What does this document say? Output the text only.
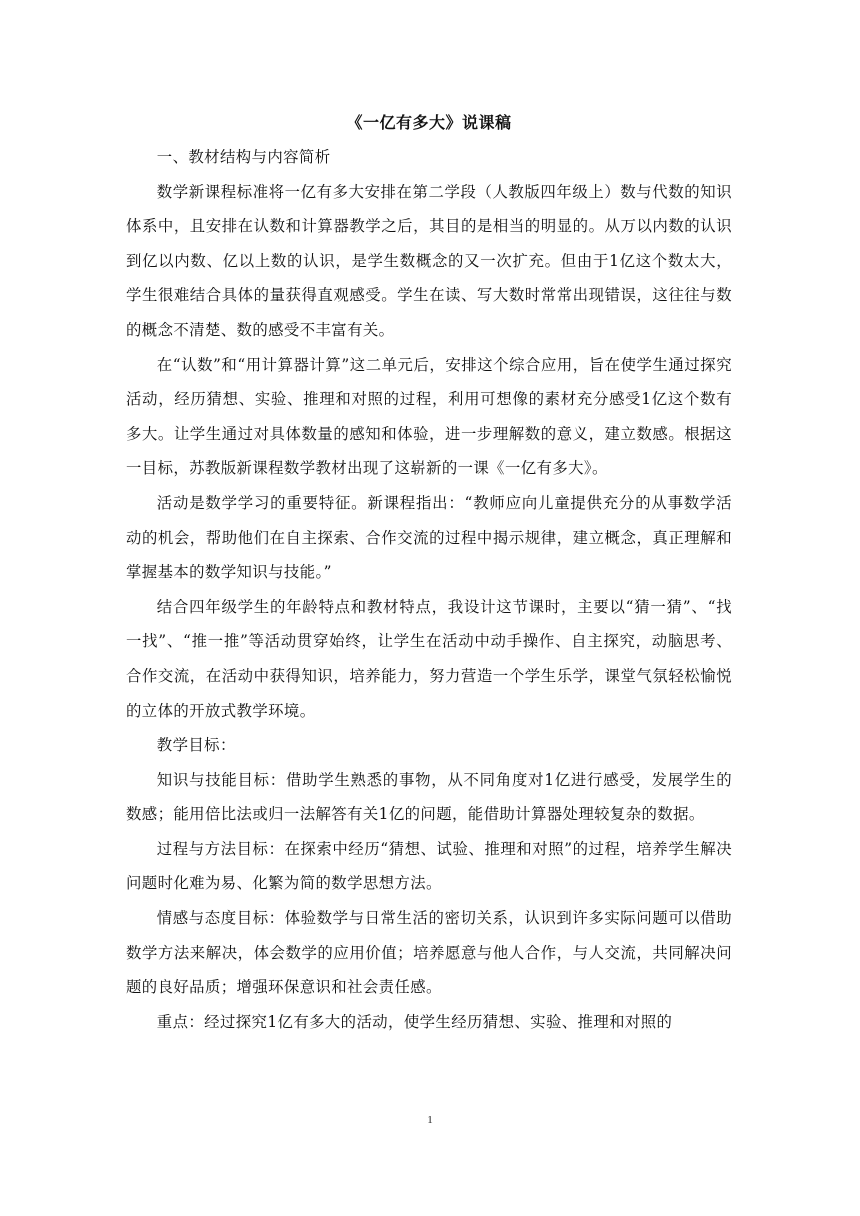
《一亿有多大》说课稿

一、教材结构与内容简析

数学新课程标准将一亿有多大安排在第二学段（人教版四年级上）数与代数的知识体系中，且安排在认数和计算器教学之后，其目的是相当的明显的。从万以内数的认识到亿以内数、亿以上数的认识，是学生数概念的又一次扩充。但由于1亿这个数太大，学生很难结合具体的量获得直观感受。学生在读、写大数时常常出现错误，这往往与数的概念不清楚、数的感受不丰富有关。

在“认数”和“用计算器计算”这二单元后，安排这个综合应用，旨在使学生通过探究活动，经历猜想、实验、推理和对照的过程，利用可想像的素材充分感受1亿这个数有多大。让学生通过对具体数量的感知和体验，进一步理解数的意义，建立数感。根据这一目标，苏教版新课程数学教材出现了这崭新的一课《一亿有多大》。

活动是数学学习的重要特征。新课程指出：“教师应向儿童提供充分的从事数学活动的机会，帮助他们在自主探索、合作交流的过程中揭示规律，建立概念，真正理解和掌握基本的数学知识与技能。”

结合四年级学生的年龄特点和教材特点，我设计这节课时，主要以“猜一猜”、“找一找”、“推一推”等活动贯穿始终，让学生在活动中动手操作、自主探究，动脑思考、合作交流，在活动中获得知识，培养能力，努力营造一个学生乐学，课堂气氛轻松愉悦的立体的开放式教学环境。

教学目标：

知识与技能目标：借助学生熟悉的事物，从不同角度对1亿进行感受，发展学生的数感；能用倍比法或归一法解答有关1亿的问题，能借助计算器处理较复杂的数据。

过程与方法目标：在探索中经历“猜想、试验、推理和对照”的过程，培养学生解决问题时化难为易、化繁为简的数学思想方法。

情感与态度目标：体验数学与日常生活的密切关系，认识到许多实际问题可以借助数学方法来解决，体会数学的应用价值；培养愿意与他人合作，与人交流，共同解决问题的良好品质；增强环保意识和社会责任感。

重点：经过探究1亿有多大的活动，使学生经历猜想、实验、推理和对照的

1
